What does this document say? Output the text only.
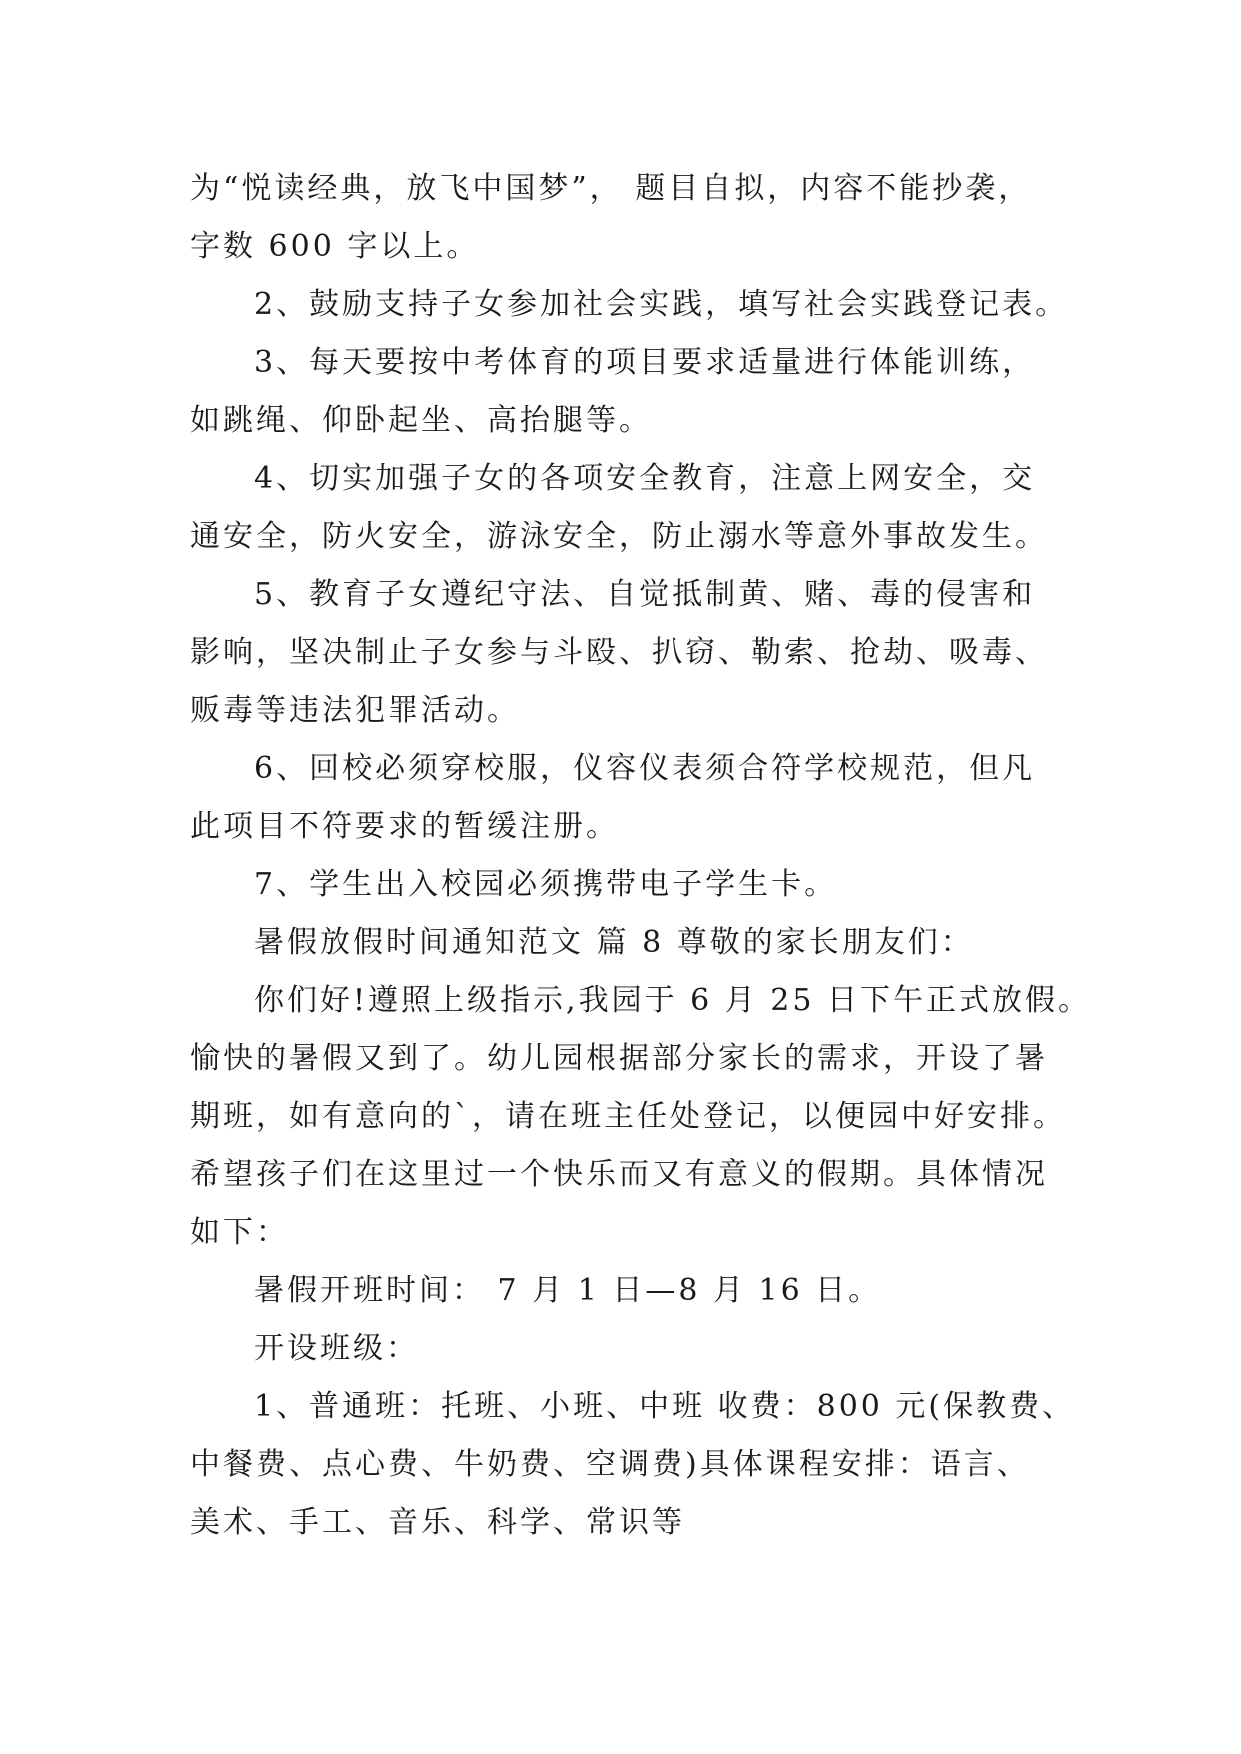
为“悦读经典，放飞中国梦”， 题目自拟，内容不能抄袭，

字数 600 字以上。

2、鼓励支持子女参加社会实践，填写社会实践登记表。

3、每天要按中考体育的项目要求适量进行体能训练，

如跳绳、仰卧起坐、高抬腿等。

4、切实加强子女的各项安全教育，注意上网安全，交

通安全，防火安全，游泳安全，防止溺水等意外事故发生。

5、教育子女遵纪守法、自觉抵制黄、赌、毒的侵害和

影响，坚决制止子女参与斗殴、扒窃、勒索、抢劫、吸毒、

贩毒等违法犯罪活动。

6、回校必须穿校服，仪容仪表须合符学校规范，但凡

此项目不符要求的暂缓注册。

7、学生出入校园必须携带电子学生卡。

暑假放假时间通知范文 篇 8 尊敬的家长朋友们：

你们好!遵照上级指示,我园于 6 月 25 日下午正式放假。

愉快的暑假又到了。幼儿园根据部分家长的需求，开设了暑

期班，如有意向的`，请在班主任处登记，以便园中好安排。

希望孩子们在这里过一个快乐而又有意义的假期。具体情况

如下：

暑假开班时间： 7 月 1 日—8 月 16 日。

开设班级：

1、普通班：托班、小班、中班 收费：800 元(保教费、

中餐费、点心费、牛奶费、空调费)具体课程安排：语言、

美术、手工、音乐、科学、常识等
